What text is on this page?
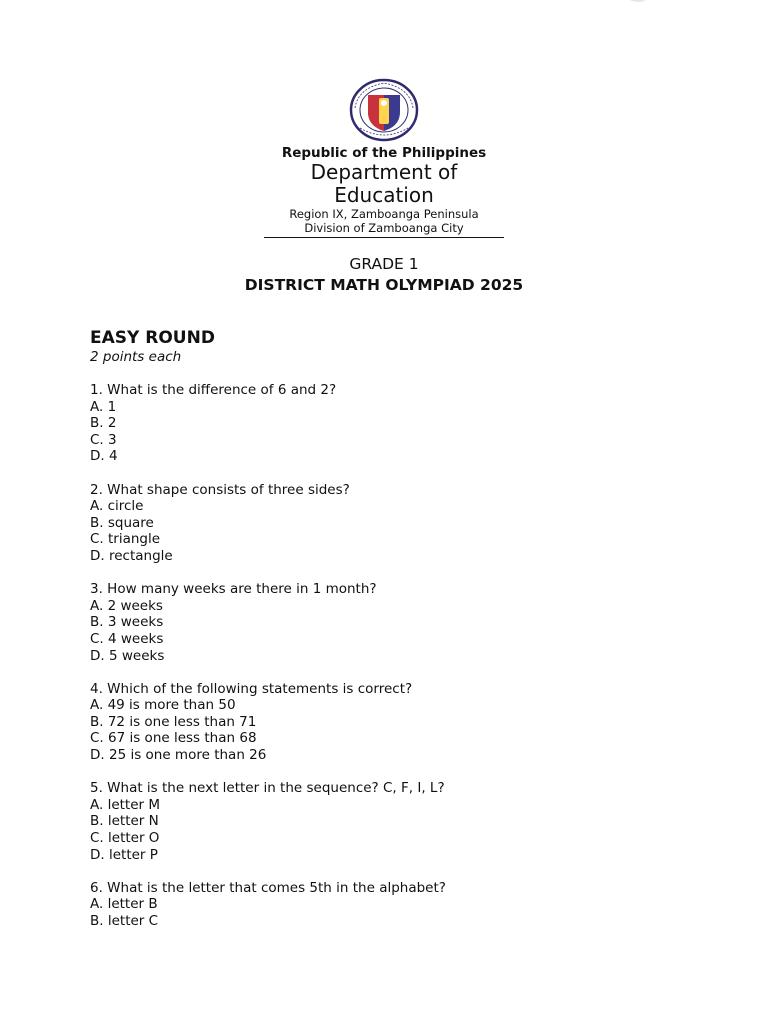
Republic of the Philippines
Department of
Education
Region IX, Zamboanga Peninsula
Division of Zamboanga City
GRADE 1
DISTRICT MATH OLYMPIAD 2025
EASY ROUND
2 points each
1. What is the difference of 6 and 2?
A. 1
B. 2
C. 3
D. 4
2. What shape consists of three sides?
A. circle
B. square
C. triangle
D. rectangle
3. How many weeks are there in 1 month?
A. 2 weeks
B. 3 weeks
C. 4 weeks
D. 5 weeks
4. Which of the following statements is correct?
A. 49 is more than 50
B. 72 is one less than 71
C. 67 is one less than 68
D. 25 is one more than 26
5. What is the next letter in the sequence? C, F, I, L?
A. letter M
B. letter N
C. letter O
D. letter P
6. What is the letter that comes 5th in the alphabet?
A. letter B
B. letter C
